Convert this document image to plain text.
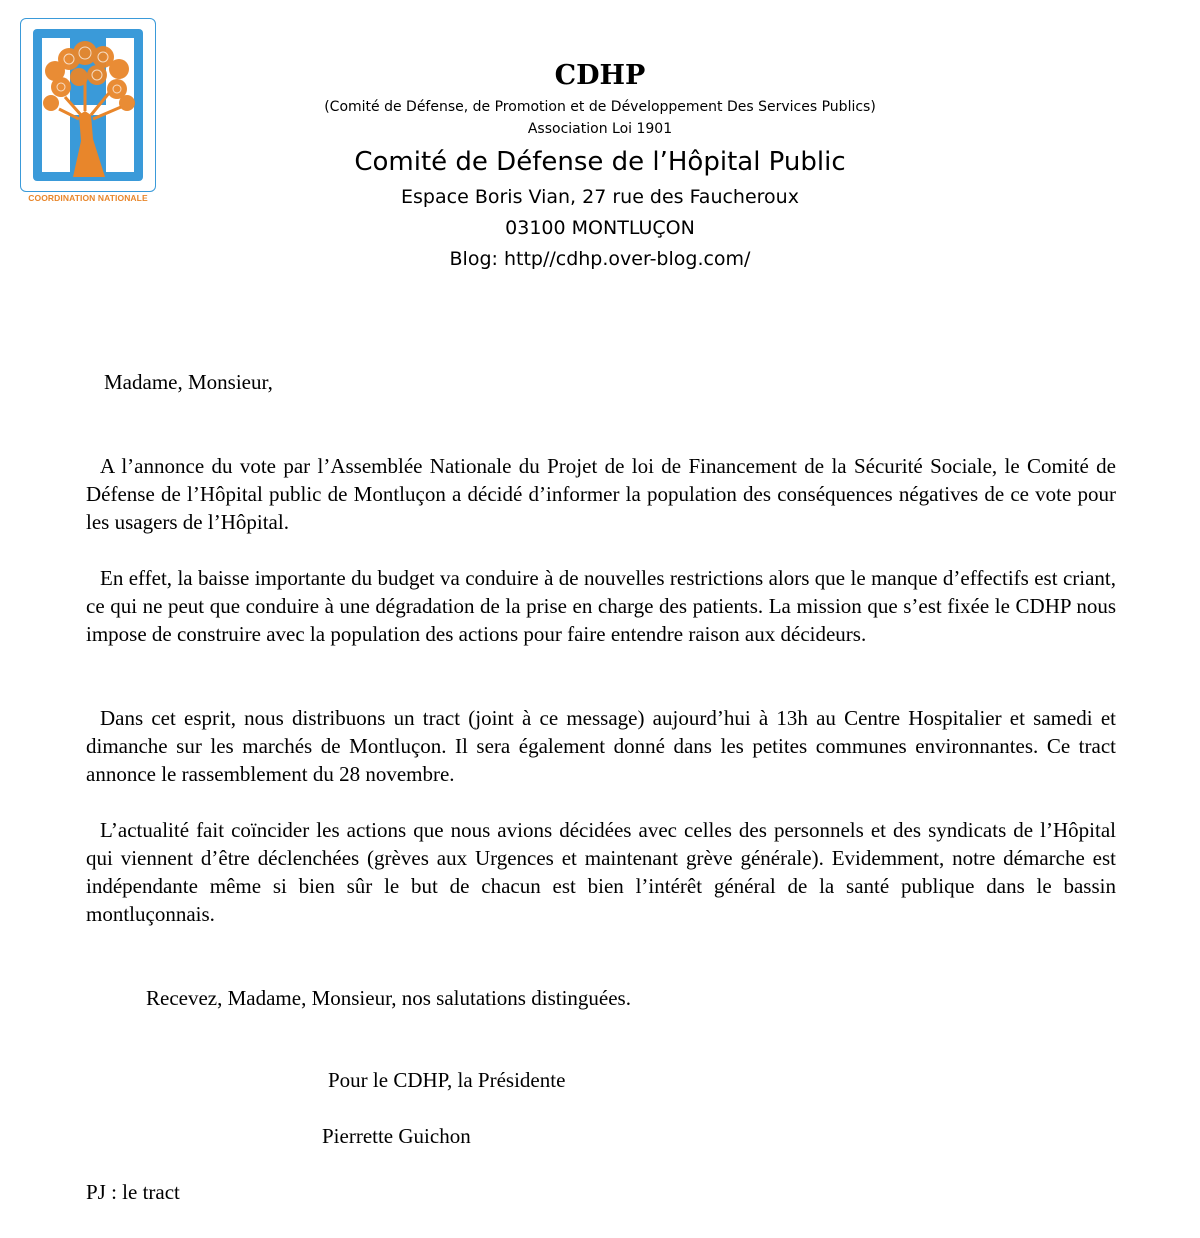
COORDINATION NATIONALE
CDHP
(Comité de Défense, de Promotion et de Développement Des Services Publics)
Association Loi 1901
Comité de Défense de l’Hôpital Public
Espace Boris Vian, 27 rue des Faucheroux
03100 MONTLUÇON
Blog: http//cdhp.over-blog.com/
Madame, Monsieur,

A l’annonce du vote par l’Assemblée Nationale du Projet de loi de Financement de la Sécurité Sociale, le Comité de Défense de l’Hôpital public de Montluçon a décidé d’informer la population des conséquences négatives de ce vote pour les usagers de l’Hôpital.

En effet, la baisse importante du budget va conduire à de nouvelles restrictions alors que le manque d’effectifs est criant, ce qui ne peut que conduire à une dégradation de la prise en charge des patients. La mission que s’est fixée le CDHP nous impose de construire avec la population des actions pour faire entendre raison aux décideurs.

Dans cet esprit, nous distribuons un tract (joint à ce message) aujourd’hui à 13h au Centre Hospitalier et samedi et dimanche sur les marchés de Montluçon. Il sera également donné dans les petites communes environnantes. Ce tract annonce le rassemblement du 28 novembre.

L’actualité fait coïncider les actions que nous avions décidées avec celles des personnels et des syndicats de l’Hôpital qui viennent d’être déclenchées (grèves aux Urgences et maintenant grève générale). Evidemment, notre démarche est indépendante même si bien sûr le but de chacun est bien l’intérêt général de la santé publique dans le bassin montluçonnais.

Recevez, Madame, Monsieur, nos salutations distinguées.
Pour le CDHP, la Présidente
Pierrette Guichon
PJ : le tract
